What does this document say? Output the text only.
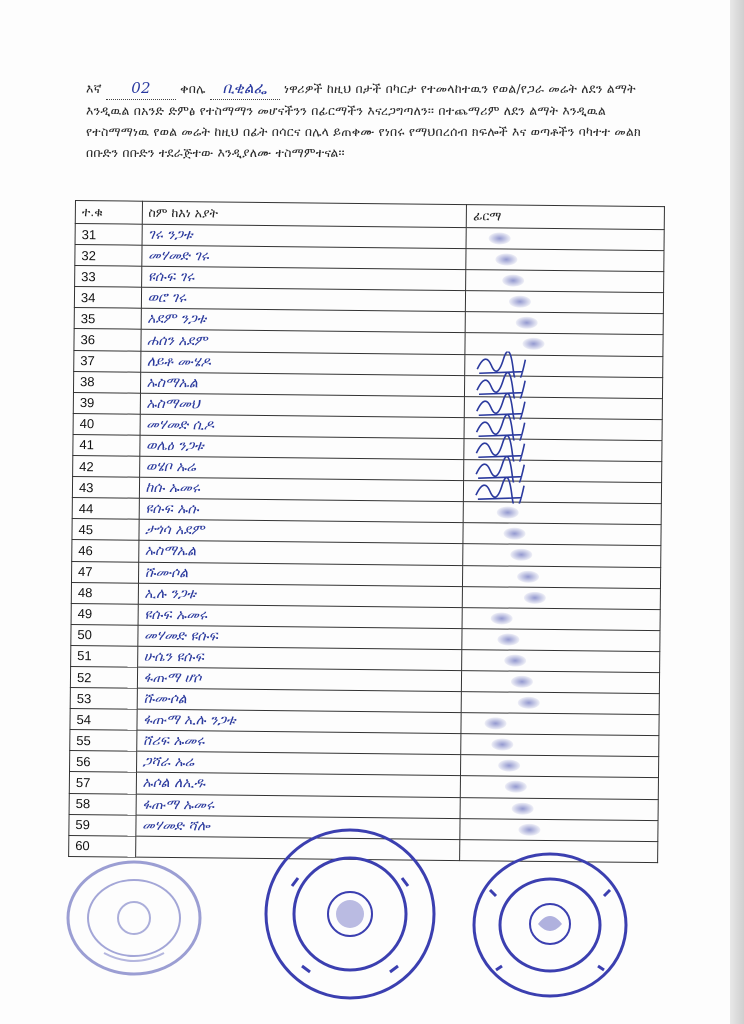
እኛ 02 ቀበሌ ቢቂልፌ ነዋሪዎች ከዚህ በታች በካርታ የተመላከተዉን የወል/የጋራ መሬት ለደን ልማት እንዲዉል በአንድ ድምፅ የተስማማን መሆናችንን በፊርማችን እናረጋግጣለን፡፡ በተጨማሪም ለደን ልማት እንዲዉል የተስማማነዉ የወል መሬት ከዚህ በፊት በሳርና በሌላ ይጠቀሙ የነበሩ የማህበረሰብ ክፍሎች እና ወጣቶችን ባካተተ መልክ በቡድን በቡድን ተደራጅተው እንዲያለሙ ተስማምተናል፡፡
ተ.ቁ	ስም ከእነ አያት	ፊርማ
31	ገሩ ንጋቱ	

32	መሃመድ ገሩ	

33	ዩሱፍ ገሩ	

34	ወሮ ገሩ	

35	አደም ንጋቱ	

36	ሐሰን አደም	

37	ለይቶ ሙሄዶ	

38	ኡስማኤል	

39	ኡስማመህ	

40	መሃመድ ሲዶ	

41	ወሌዕ ንጋቱ	

42	ወሄቦ ኡሬ	

43	ከሱ ኡመሩ	

44	ዩሱፍ ኡሱ	

45	ታጎሳ አደም	

46	ኡስማኤል	

47	ሹሙሶል	

48	ኢሉ ንጋቱ	

49	ዩሱፍ ኡመሩ	

50	መሃመድ ዩሱፍ	

51	ሁሴን ዩሱፍ	

52	ፋጡማ ሆሶ	

53	ሹሙሶል	

54	ፋጡማ ኢሉ ንጋቱ	

55	ሸሪፍ ኡመሩ	

56	ጋሻራ ኡሬ	

57	ኡሶል ለኢዱ	

58	ፋጡማ ኡመሩ	

59	መሃመድ ሻሎ	

60		
